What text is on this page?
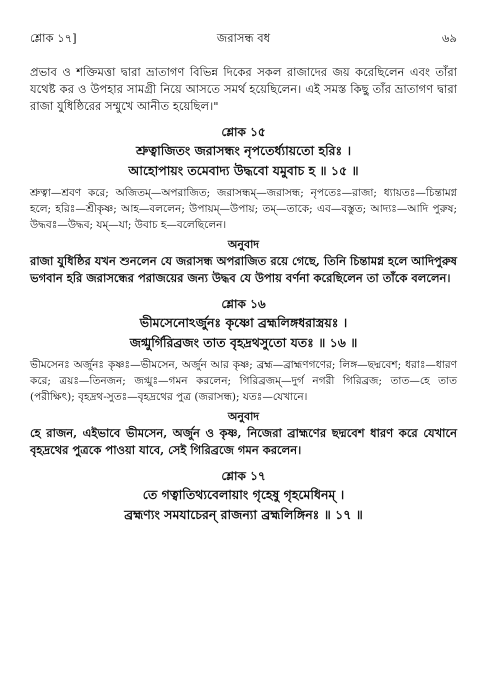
শ্লোক ১৭]	জরাসন্ধ বধ	৬৯

প্রভাব ও শক্তিমত্তা দ্বারা ভ্রাতাগণ বিভিন্ন দিকের সকল রাজাদের জয় করেছিলেন এবং তাঁরা যথেষ্ট কর ও উপহার সামগ্রী নিয়ে আসতে সমর্থ হয়েছিলেন। এই সমস্ত কিছু তাঁর ভ্রাতাগণ দ্বারা রাজা যুধিষ্ঠিরের সম্মুখে আনীত হয়েছিল।"

শ্লোক ১৫

শ্রুত্বাজিতং জরাসন্ধং নৃপতের্ধ্যায়তো হরিঃ ।

আহোপায়ং তমেবাদ্য উদ্ধবো যমুবাচ হ ॥ ১৫ ॥

শ্রুত্বা—শ্রবণ করে; অজিতম্—অপরাজিত; জরাসন্ধম্—জরাসন্ধ; নৃপতেঃ—রাজা; ধ্যায়তঃ—চিন্তামগ্ন হলে; হরিঃ—শ্রীকৃষ্ণ; আহ—বললেন; উপায়ম্—উপায়; তম্—তাকে; এব—বস্তুত; আদ্যঃ—আদি পুরুষ; উদ্ধবঃ—উদ্ধব; যম্—যা; উবাচ হ—বলেছিলেন।

অনুবাদ

রাজা যুধিষ্ঠির যখন শুনলেন যে জরাসন্ধ অপরাজিত রয়ে গেছে, তিনি চিন্তামগ্ন হলে আদিপুরুষ ভগবান হরি জরাসন্ধের পরাজয়ের জন্য উদ্ধব যে উপায় বর্ণনা করেছিলেন তা তাঁকে বললেন।

শ্লোক ১৬

ভীমসেনোঽর্জুনঃ কৃষ্ণো ব্রহ্মলিঙ্গধরাস্ত্রয়ঃ ।

জগ্মুর্গিরিব্রজং তাত বৃহদ্রথসুতো যতঃ ॥ ১৬ ॥

ভীমসেনঃ অর্জুনঃ কৃষ্ণঃ—ভীমসেন, অর্জুন আর কৃষ্ণ; ব্রহ্ম—ব্রাহ্মণগণের; লিঙ্গ—ছদ্মবেশ; ধরাঃ—ধারণ করে; ত্রয়ঃ—তিনজন; জগ্মুঃ—গমন করলেন; গিরিব্রজম্—দুর্গ নগরী গিরিব্রজ; তাত—হে তাত (পরীক্ষিৎ); বৃহদ্রথ-সুতঃ—বৃহদ্রথের পুত্র (জরাসন্ধ); যতঃ—যেখানে।

অনুবাদ

হে রাজন, এইভাবে ভীমসেন, অর্জুন ও কৃষ্ণ, নিজেরা ব্রাহ্মণের ছদ্মবেশ ধারণ করে যেখানে বৃহদ্রথের পুত্রকে পাওয়া যাবে, সেই গিরিব্রজে গমন করলেন।

শ্লোক ১৭

তে গত্বাতিথ্যবেলায়াং গৃহেষু গৃহমেধিনম্ ।

ব্রহ্মণ্যং সমযাচেরন্ রাজন্যা ব্রহ্মলিঙ্গিনঃ ॥ ১৭ ॥
